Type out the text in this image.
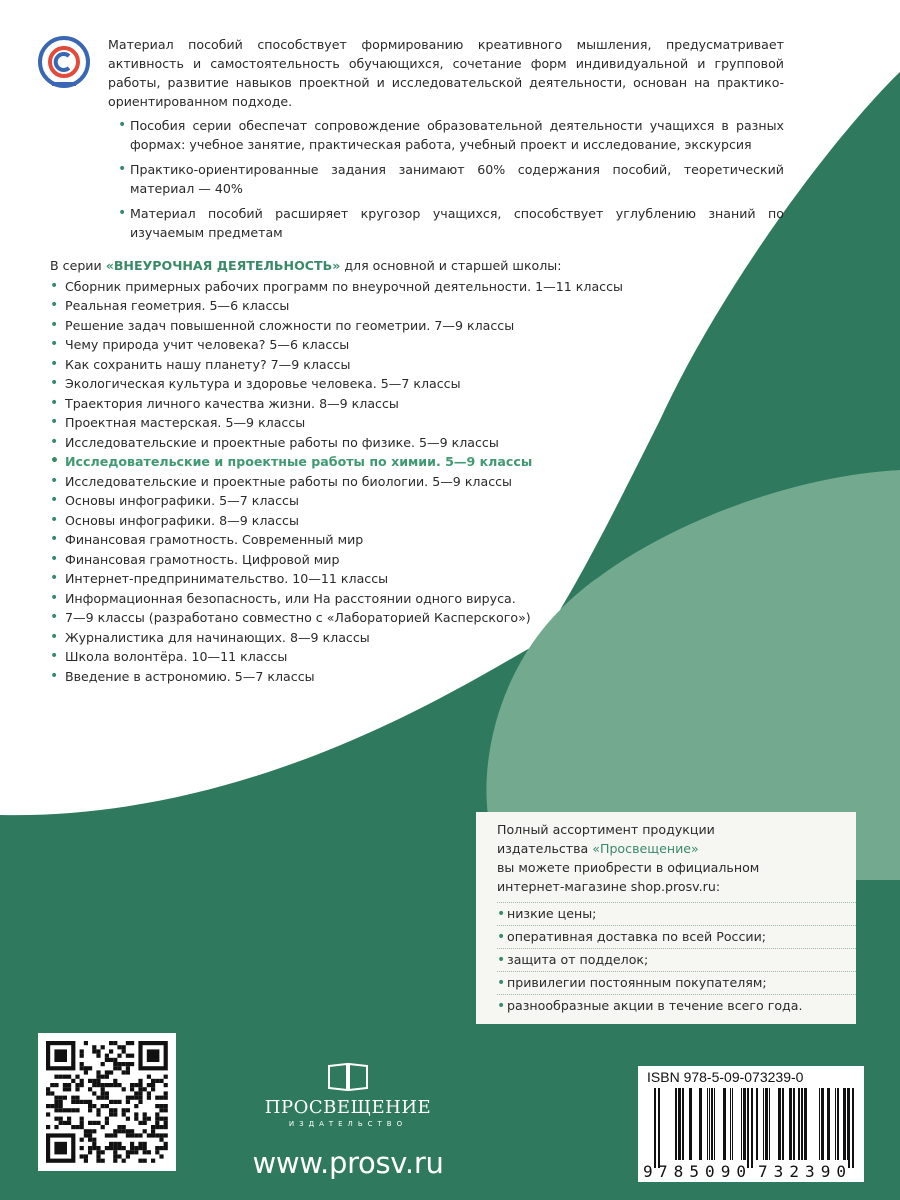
Материал пособий способствует формированию креативного мышления, предусматривает активность и самостоятельность обучающихся, сочетание форм индивидуальной и групповой работы, развитие навыков проектной и исследовательской деятельности, основан на практико-ориентированном подходе.

• Пособия серии обеспечат сопровождение образовательной деятельности учащихся в разных формах: учебное занятие, практическая работа, учебный проект и исследование, экскурсия
• Практико-ориентированные задания занимают 60% содержания пособий, теоретический материал — 40%
• Материал пособий расширяет кругозор учащихся, способствует углублению знаний по изучаемым предметам

В серии «ВНЕУРОЧНАЯ ДЕЯТЕЛЬНОСТЬ» для основной и старшей школы:

• Сборник примерных рабочих программ по внеурочной деятельности. 1—11 классы
• Реальная геометрия. 5—6 классы
• Решение задач повышенной сложности по геометрии. 7—9 классы
• Чему природа учит человека? 5—6 классы
• Как сохранить нашу планету? 7—9 классы
• Экологическая культура и здоровье человека. 5—7 классы
• Траектория личного качества жизни. 8—9 классы
• Проектная мастерская. 5—9 классы
• Исследовательские и проектные работы по физике. 5—9 классы
• Исследовательские и проектные работы по химии. 5—9 классы
• Исследовательские и проектные работы по биологии. 5—9 классы
• Основы инфографики. 5—7 классы
• Основы инфографики. 8—9 классы
• Финансовая грамотность. Современный мир
• Финансовая грамотность. Цифровой мир
• Интернет-предпринимательство. 10—11 классы
• Информационная безопасность, или На расстоянии одного вируса.
• 7—9 классы (разработано совместно с «Лабораторией Касперского»)
• Журналистика для начинающих. 8—9 классы
• Школа волонтёра. 10—11 классы
• Введение в астрономию. 5—7 классы
Полный ассортимент продукции
издательства «Просвещение»
вы можете приобрести в официальном
интернет-магазине shop.prosv.ru:
• низкие цены;
• оперативная доставка по всей России;
• защита от подделок;
• привилегии постоянным покупателям;
• разнообразные акции в течение всего года.
ПРОСВЕЩЕНИЕ
ИЗДАТЕЛЬСТВО
www.prosv.ru
ISBN 978-5-09-073239-0
9 785090 732390
